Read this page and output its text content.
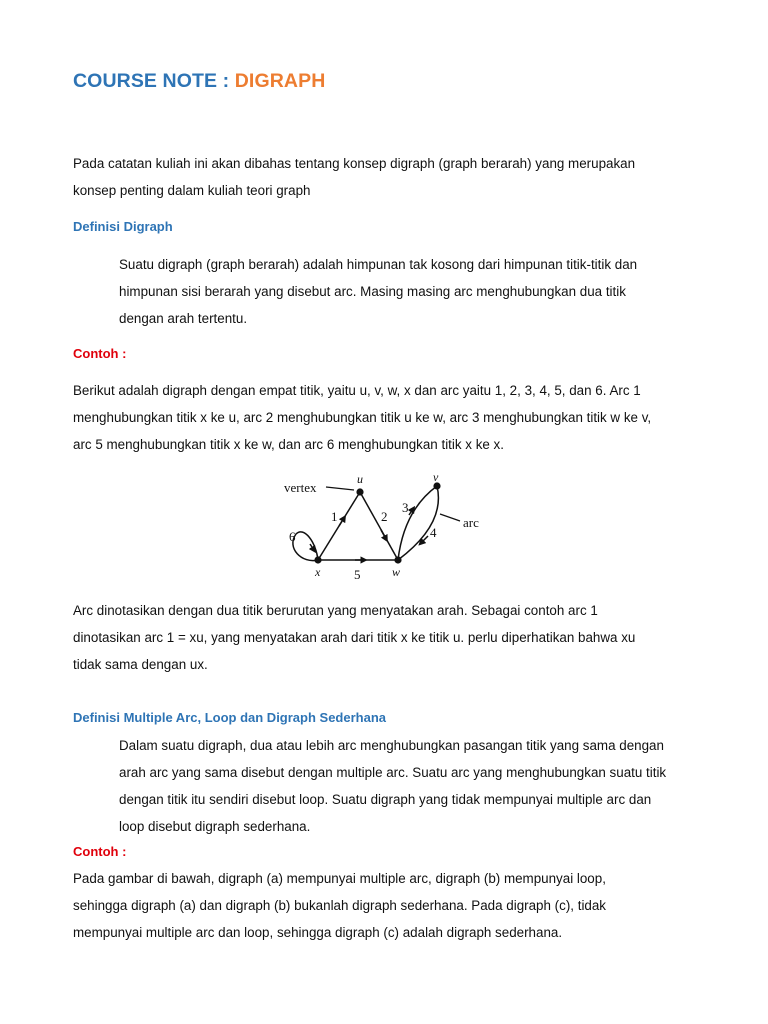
COURSE NOTE : DIGRAPH

Pada catatan kuliah ini akan dibahas tentang konsep digraph (graph berarah) yang merupakan

konsep penting dalam kuliah teori graph

Definisi Digraph

Suatu digraph (graph berarah) adalah himpunan tak kosong dari himpunan titik-titik dan

himpunan sisi berarah yang disebut arc. Masing masing arc menghubungkan dua titik

dengan arah tertentu.

Contoh :

Berikut adalah digraph dengan empat titik, yaitu u, v, w, x dan arc yaitu 1, 2, 3, 4, 5, dan 6. Arc 1

menghubungkan titik x ke u, arc 2 menghubungkan titik u ke w, arc 3 menghubungkan titik w ke v,

arc 5 menghubungkan titik x ke w, dan arc 6 menghubungkan titik x ke x.

vertex
arc
u	v
w
x
1	2
3
4
5
6

Arc dinotasikan dengan dua titik berurutan yang menyatakan arah. Sebagai contoh arc 1

dinotasikan arc 1 = xu, yang menyatakan arah dari titik x ke titik u. perlu diperhatikan bahwa xu

tidak sama dengan ux.

Definisi Multiple Arc, Loop dan Digraph Sederhana

Dalam suatu digraph, dua atau lebih arc menghubungkan pasangan titik yang sama dengan

arah arc yang sama disebut dengan multiple arc. Suatu arc yang menghubungkan suatu titik

dengan titik itu sendiri disebut loop. Suatu digraph yang tidak mempunyai multiple arc dan

loop disebut digraph sederhana.

Contoh :

Pada gambar di bawah, digraph (a) mempunyai multiple arc, digraph (b) mempunyai loop,

sehingga digraph (a) dan digraph (b) bukanlah digraph sederhana. Pada digraph (c), tidak

mempunyai multiple arc dan loop, sehingga digraph (c) adalah digraph sederhana.
